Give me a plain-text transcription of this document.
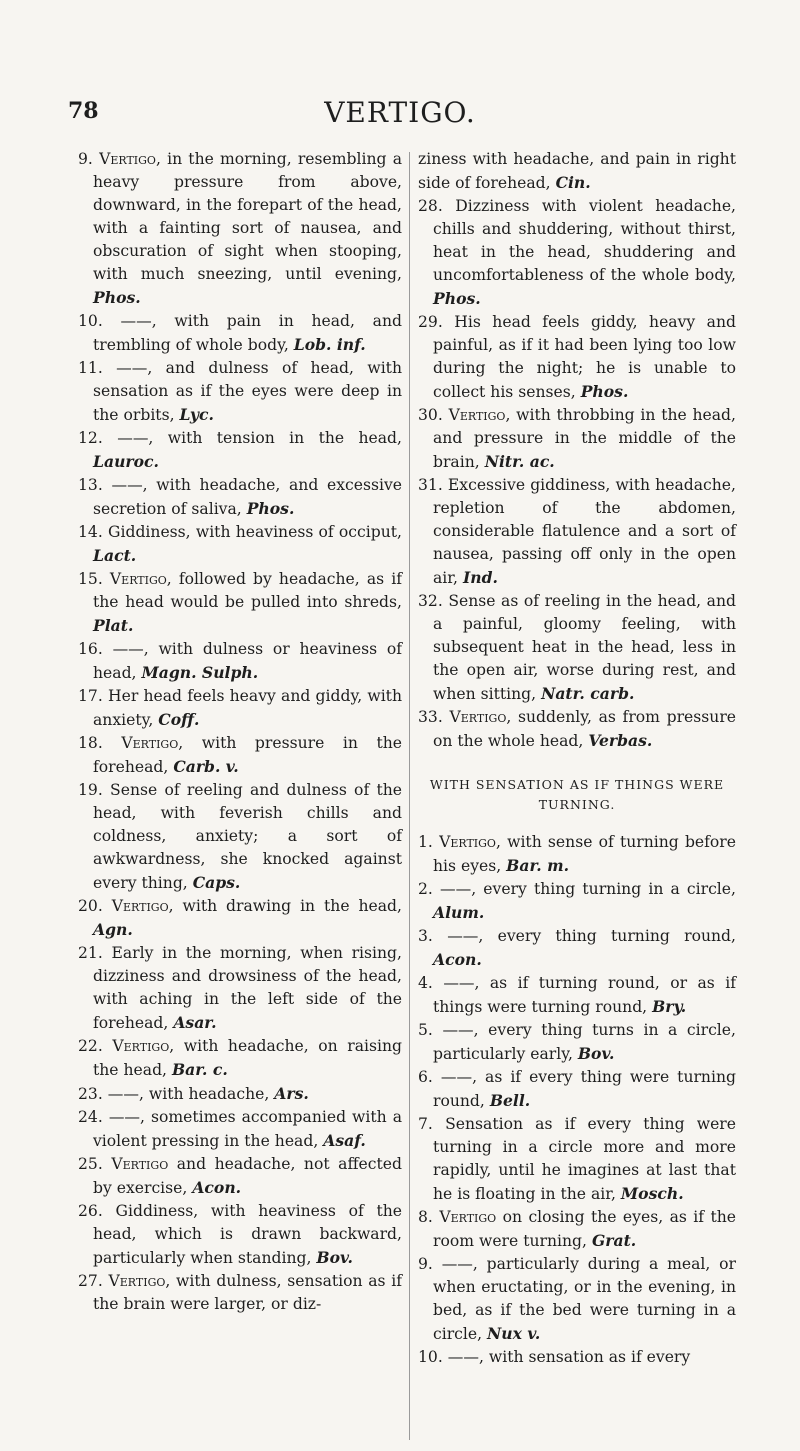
78	VERTIGO.

9. Vertigo, in the morning, resembling a heavy pressure from above, downward, in the forepart of the head, with a fainting sort of nausea, and obscuration of sight when stooping, with much sneezing, until evening, Phos.

10. ——, with pain in head, and trembling of whole body, Lob. inf.

11. ——, and dulness of head, with sensation as if the eyes were deep in the orbits, Lyc.

12. ——, with tension in the head, Lauroc.

13. ——, with headache, and excessive secretion of saliva, Phos.

14. Giddiness, with heaviness of occiput, Lact.

15. Vertigo, followed by headache, as if the head would be pulled into shreds, Plat.

16. ——, with dulness or heaviness of head, Magn. Sulph.

17. Her head feels heavy and giddy, with anxiety, Coff.

18. Vertigo, with pressure in the forehead, Carb. v.

19. Sense of reeling and dulness of the head, with feverish chills and coldness, anxiety; a sort of awkwardness, she knocked against every thing, Caps.

20. Vertigo, with drawing in the head, Agn.

21. Early in the morning, when rising, dizziness and drowsiness of the head, with aching in the left side of the forehead, Asar.

22. Vertigo, with headache, on raising the head, Bar. c.

23. ——, with headache, Ars.

24. ——, sometimes accompanied with a violent pressing in the head, Asaf.

25. Vertigo and headache, not affected by exercise, Acon.

26. Giddiness, with heaviness of the head, which is drawn backward, particularly when standing, Bov.

27. Vertigo, with dulness, sensation as if the brain were larger, or diz-

ziness with headache, and pain in right side of forehead, Cin.

28. Dizziness with violent headache, chills and shuddering, without thirst, heat in the head, shuddering and uncomfortableness of the whole body, Phos.

29. His head feels giddy, heavy and painful, as if it had been lying too low during the night; he is unable to collect his senses, Phos.

30. Vertigo, with throbbing in the head, and pressure in the middle of the brain, Nitr. ac.

31. Excessive giddiness, with headache, repletion of the abdomen, considerable flatulence and a sort of nausea, passing off only in the open air, Ind.

32. Sense as of reeling in the head, and a painful, gloomy feeling, with subsequent heat in the head, less in the open air, worse during rest, and when sitting, Natr. carb.

33. Vertigo, suddenly, as from pressure on the whole head, Verbas.

WITH SENSATION AS IF THINGS WERE TURNING.

1. Vertigo, with sense of turning before his eyes, Bar. m.

2. ——, every thing turning in a circle, Alum.

3. ——, every thing turning round, Acon.

4. ——, as if turning round, or as if things were turning round, Bry.

5. ——, every thing turns in a circle, particularly early, Bov.

6. ——, as if every thing were turning round, Bell.

7. Sensation as if every thing were turning in a circle more and more rapidly, until he imagines at last that he is floating in the air, Mosch.

8. Vertigo on closing the eyes, as if the room were turning, Grat.

9. ——, particularly during a meal, or when eructating, or in the evening, in bed, as if the bed were turning in a circle, Nux v.

10. ——, with sensation as if every
